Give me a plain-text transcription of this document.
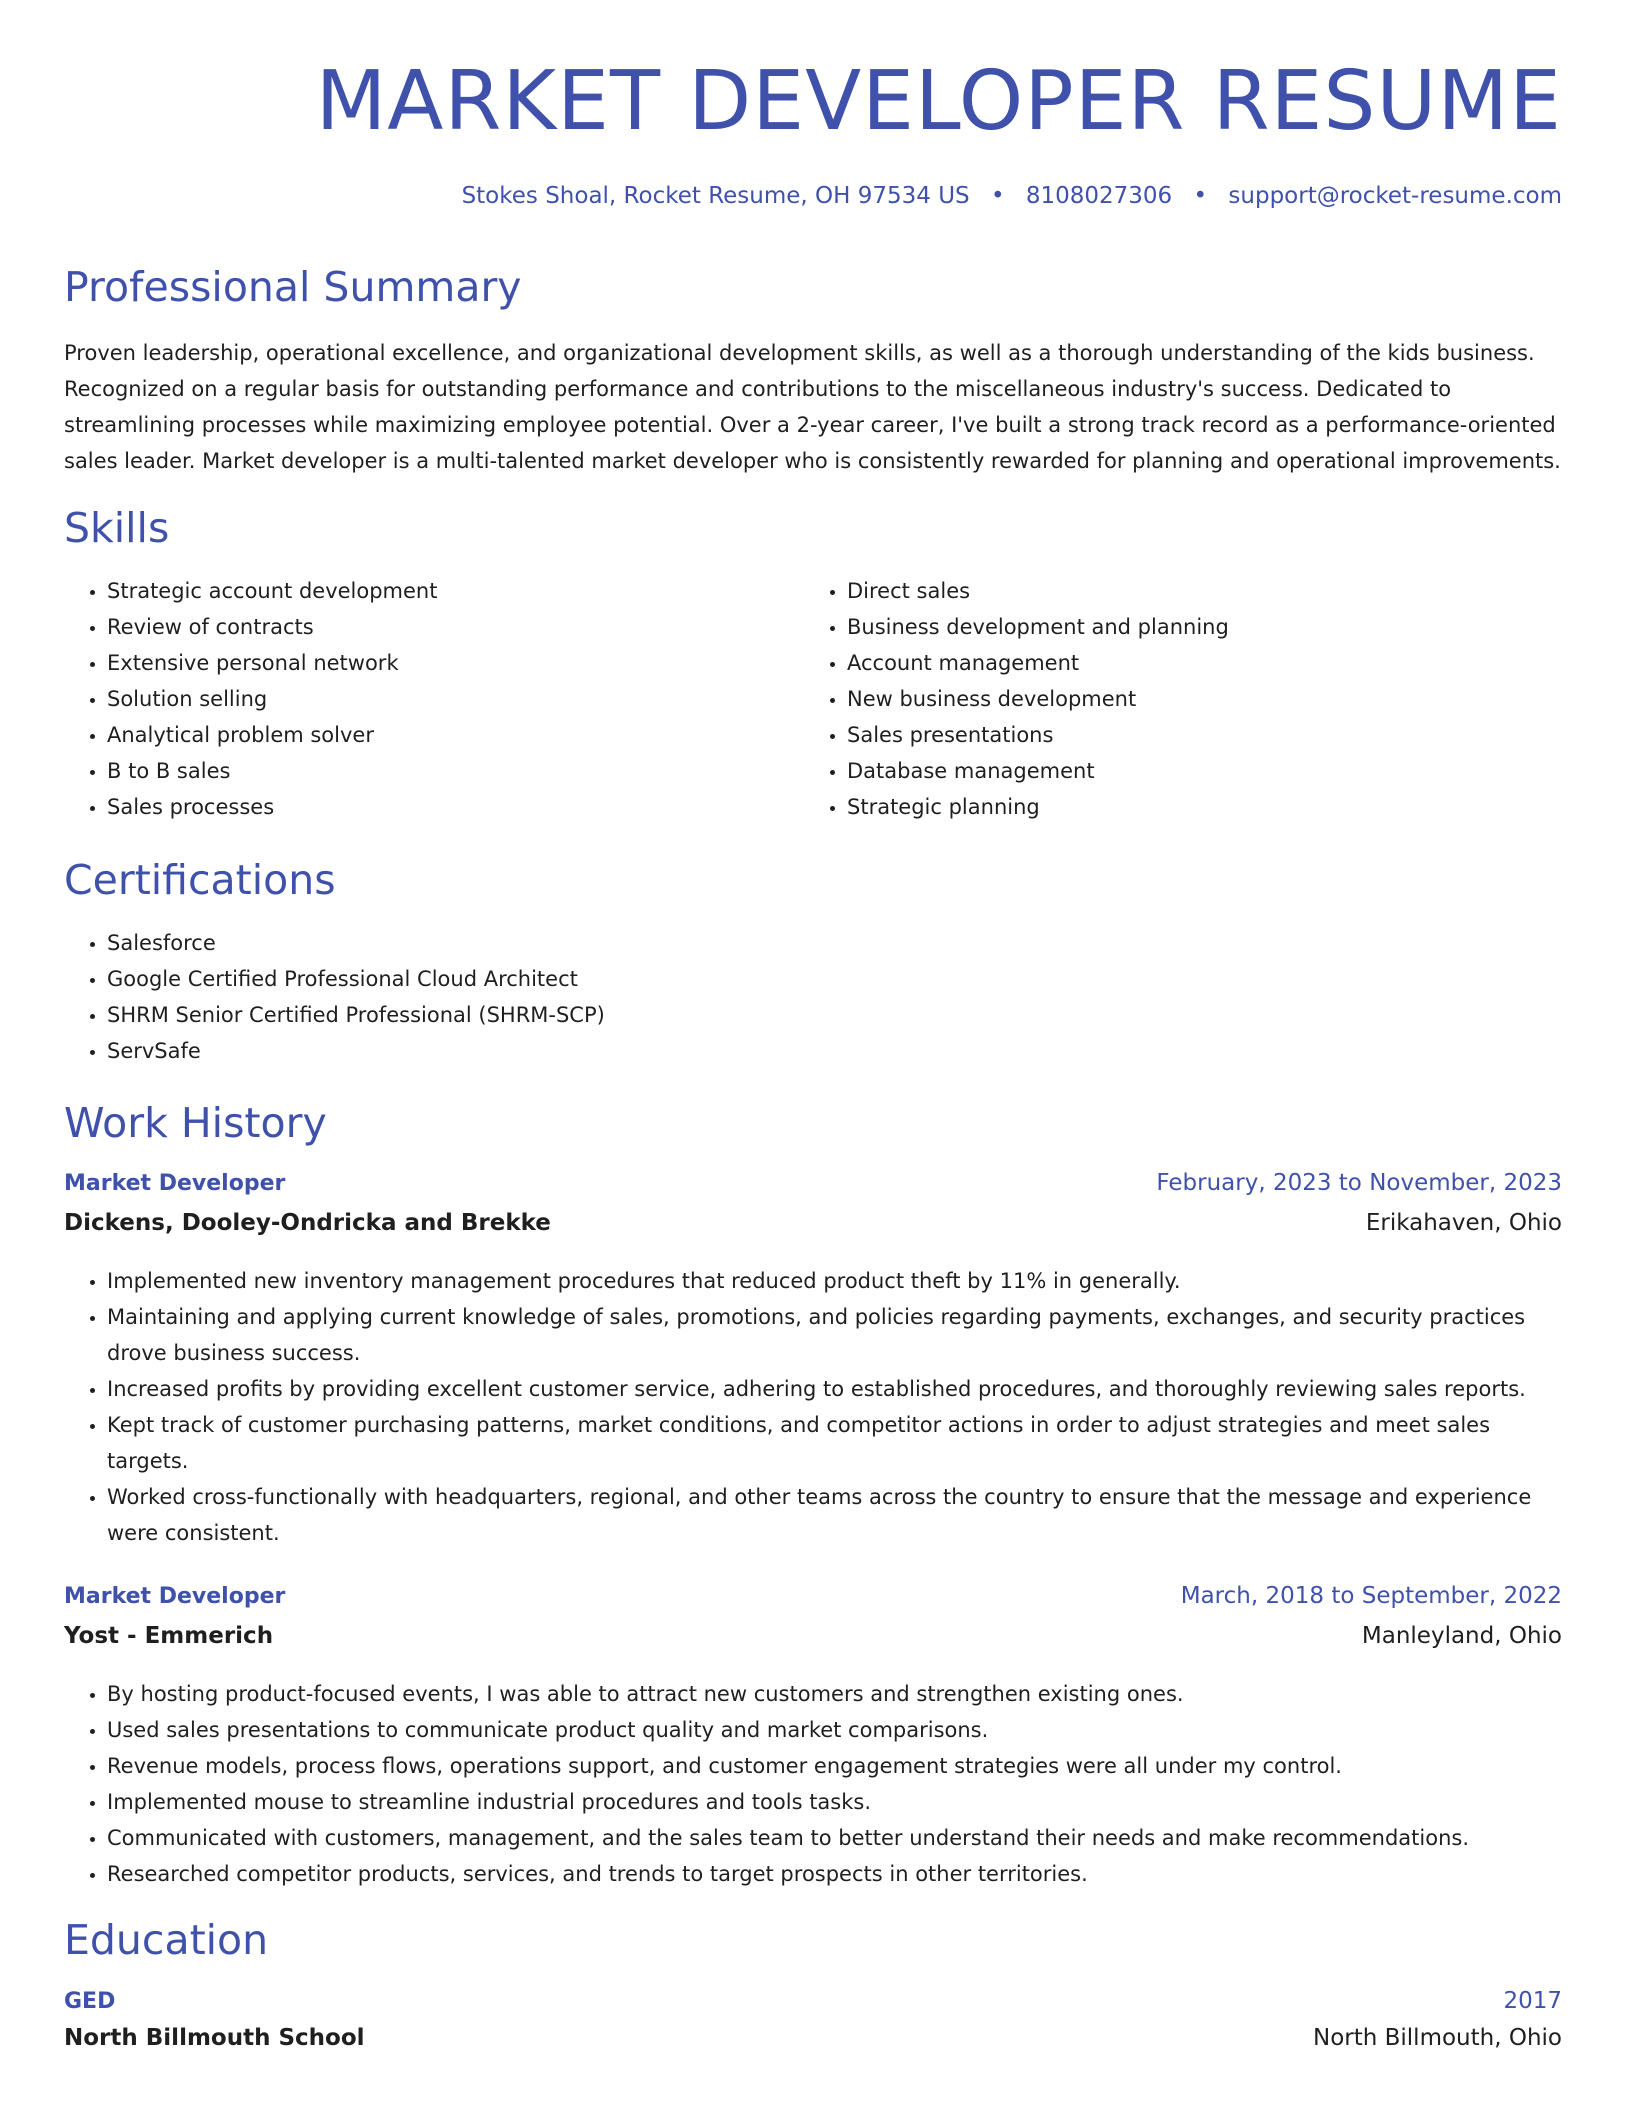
MARKET DEVELOPER RESUME
Stokes Shoal, Rocket Resume, OH 97534 US • 8108027306 • support@rocket-resume.com
Professional Summary

Proven leadership, operational excellence, and organizational development skills, as well as a thorough understanding of the kids business. Recognized on a regular basis for outstanding performance and contributions to the miscellaneous industry's success. Dedicated to streamlining processes while maximizing employee potential. Over a 2-year career, I've built a strong track record as a performance-oriented sales leader. Market developer is a multi-talented market developer who is consistently rewarded for planning and operational improvements.

Skills
• Strategic account development
• Review of contracts
• Extensive personal network
• Solution selling
• Analytical problem solver
• B to B sales
• Sales processes
• Direct sales
• Business development and planning
• Account management
• New business development
• Sales presentations
• Database management
• Strategic planning
Certifications
• Salesforce
• Google Certified Professional Cloud Architect
• SHRM Senior Certified Professional (SHRM-SCP)
• ServSafe
Work History
Market Developer	February, 2023 to November, 2023
Dickens, Dooley-Ondricka and Brekke	Erikahaven, Ohio
• Implemented new inventory management procedures that reduced product theft by 11% in generally.
• Maintaining and applying current knowledge of sales, promotions, and policies regarding payments, exchanges, and security practices drove business success.
• Increased profits by providing excellent customer service, adhering to established procedures, and thoroughly reviewing sales reports.
• Kept track of customer purchasing patterns, market conditions, and competitor actions in order to adjust strategies and meet sales targets.
• Worked cross-functionally with headquarters, regional, and other teams across the country to ensure that the message and experience were consistent.
Market Developer	March, 2018 to September, 2022
Yost - Emmerich	Manleyland, Ohio
• By hosting product-focused events, I was able to attract new customers and strengthen existing ones.
• Used sales presentations to communicate product quality and market comparisons.
• Revenue models, process flows, operations support, and customer engagement strategies were all under my control.
• Implemented mouse to streamline industrial procedures and tools tasks.
• Communicated with customers, management, and the sales team to better understand their needs and make recommendations.
• Researched competitor products, services, and trends to target prospects in other territories.
Education
GED	2017
North Billmouth School	North Billmouth, Ohio
